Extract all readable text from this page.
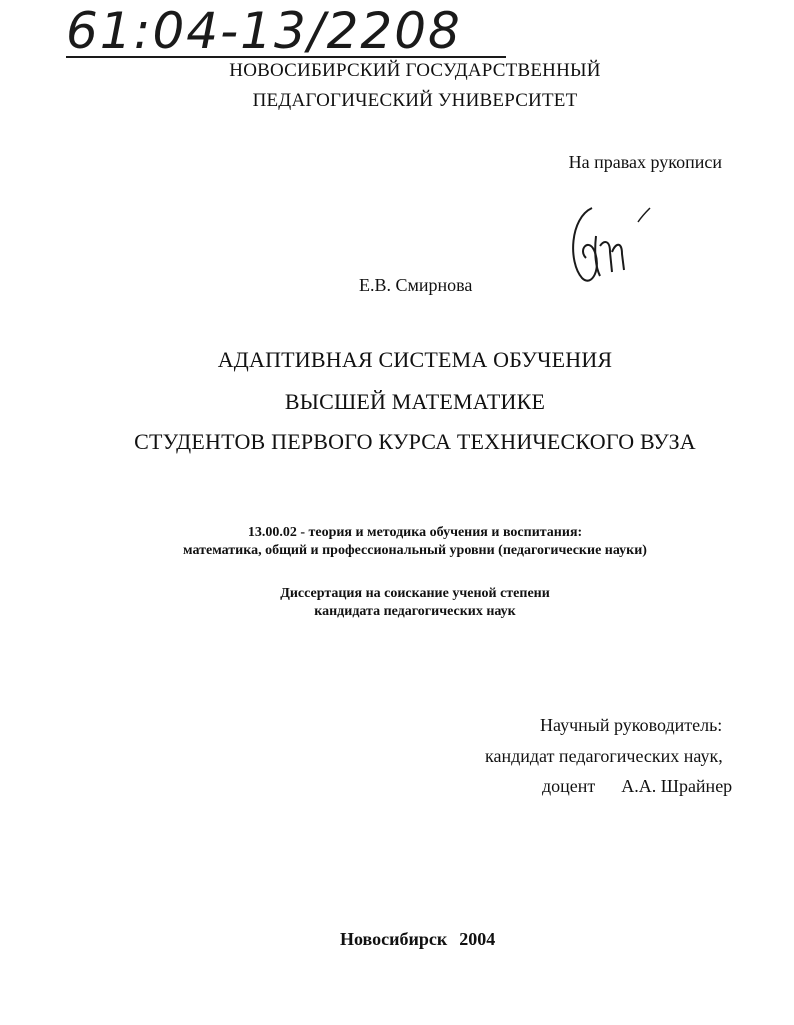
61:04-13/2208
НОВОСИБИРСКИЙ ГОСУДАРСТВЕННЫЙ
ПЕДАГОГИЧЕСКИЙ УНИВЕРСИТЕТ
На правах рукописи
Е.В. Смирнова
АДАПТИВНАЯ СИСТЕМА ОБУЧЕНИЯ
ВЫСШЕЙ МАТЕМАТИКЕ
СТУДЕНТОВ ПЕРВОГО КУРСА ТЕХНИЧЕСКОГО ВУЗА
13.00.02 - теория и методика обучения и воспитания:
математика, общий и профессиональный уровни (педагогические науки)
Диссертация на соискание ученой степени
кандидата педагогических наук
Научный руководитель:
кандидат педагогических наук,
доцент А.А. Шрайнер
Новосибирск 2004
